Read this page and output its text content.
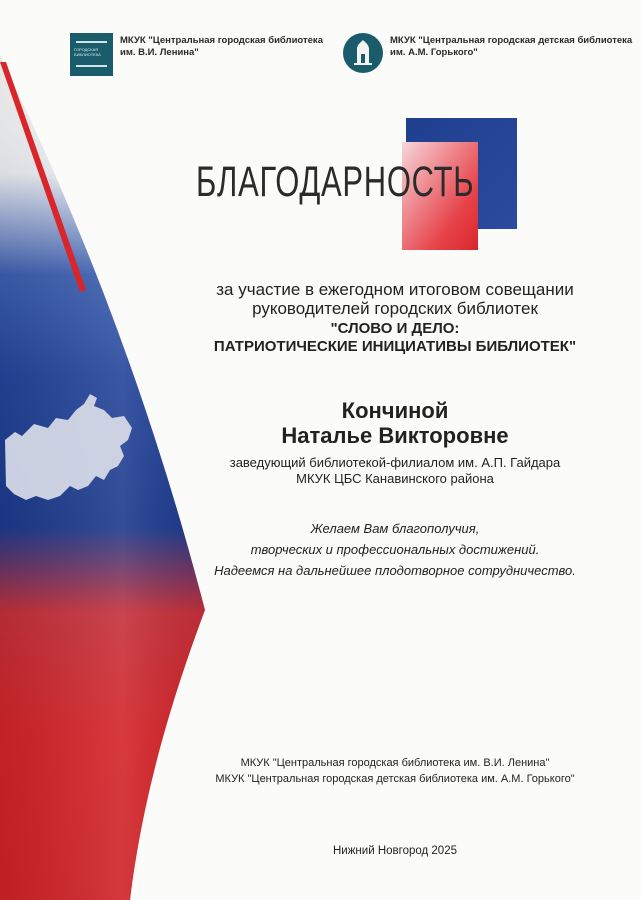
ГОРОДСКАЯ БИБЛИОТЕКА
МКУК "Центральная городская библиотека
им. В.И. Ленина"
МКУК "Центральная городская детская библиотека
им. А.М. Горького"
БЛАГОДАРНОСТЬ
за участие в ежегодном итоговом совещании
руководителей городских библиотек
"СЛОВО И ДЕЛО:
ПАТРИОТИЧЕСКИЕ ИНИЦИАТИВЫ БИБЛИОТЕК"
Кончиной
Наталье Викторовне
заведующий библиотекой-филиалом им. А.П. Гайдара
МКУК ЦБС Канавинского района
Желаем Вам благополучия,
творческих и профессиональных достижений.
Надеемся на дальнейшее плодотворное сотрудничество.
МКУК "Центральная городская библиотека им. В.И. Ленина"
МКУК "Центральная городская детская библиотека им. А.М. Горького"
Нижний Новгород 2025
